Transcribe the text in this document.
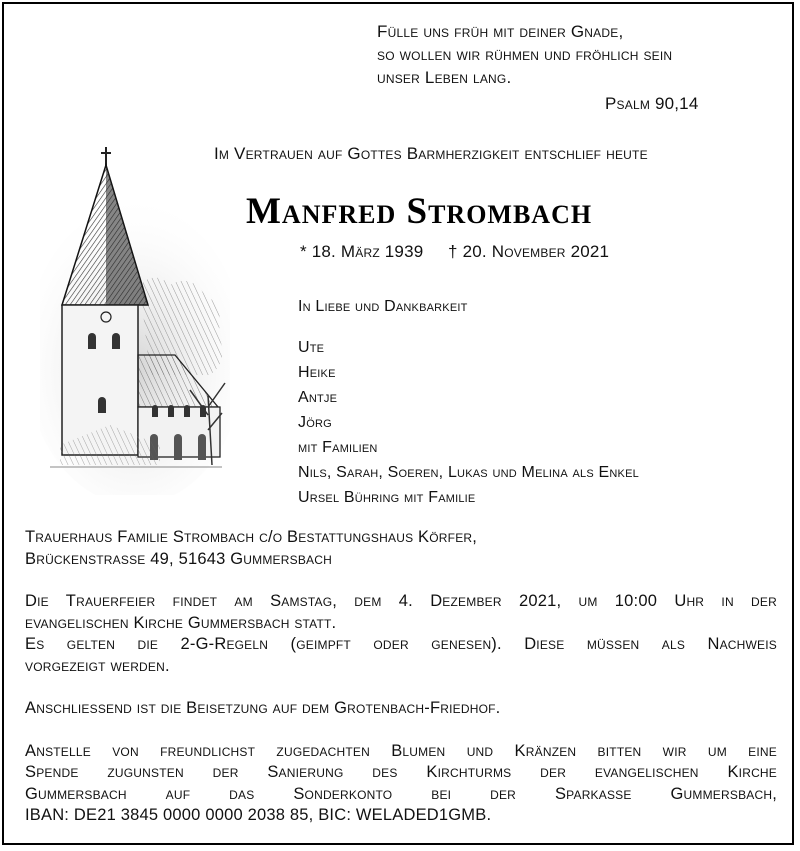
Fülle uns früh mit deiner Gnade,
so wollen wir rühmen und fröhlich sein
unser Leben lang.
Psalm 90,14
Im Vertrauen auf Gottes Barmherzigkeit entschlief heute
Manfred Strombach
* 18. März 1939 † 20. November 2021
In Liebe und Dankbarkeit
Ute
Heike
Antje
Jörg
mit Familien
Nils, Sarah, Soeren, Lukas und Melina als Enkel
Ursel Bühring mit Familie

Trauerhaus Familie Strombach c/o Bestattungshaus Körfer,
Brückenstrasse 49, 51643 Gummersbach

Die Trauerfeier findet am Samstag, dem 4. Dezember 2021, um 10:00 Uhr in der
evangelischen Kirche Gummersbach statt.
Es gelten die 2-G-Regeln (geimpft oder genesen). Diese müssen als Nachweis
vorgezeigt werden.

Anschliessend ist die Beisetzung auf dem Grotenbach-Friedhof.

Anstelle von freundlichst zugedachten Blumen und Kränzen bitten wir um eine
Spende zugunsten der Sanierung des Kirchturms der evangelischen Kirche
Gummersbach auf das Sonderkonto bei der Sparkasse Gummersbach,
IBAN: DE21 3845 0000 0000 2038 85, BIC: WELADED1GMB.
